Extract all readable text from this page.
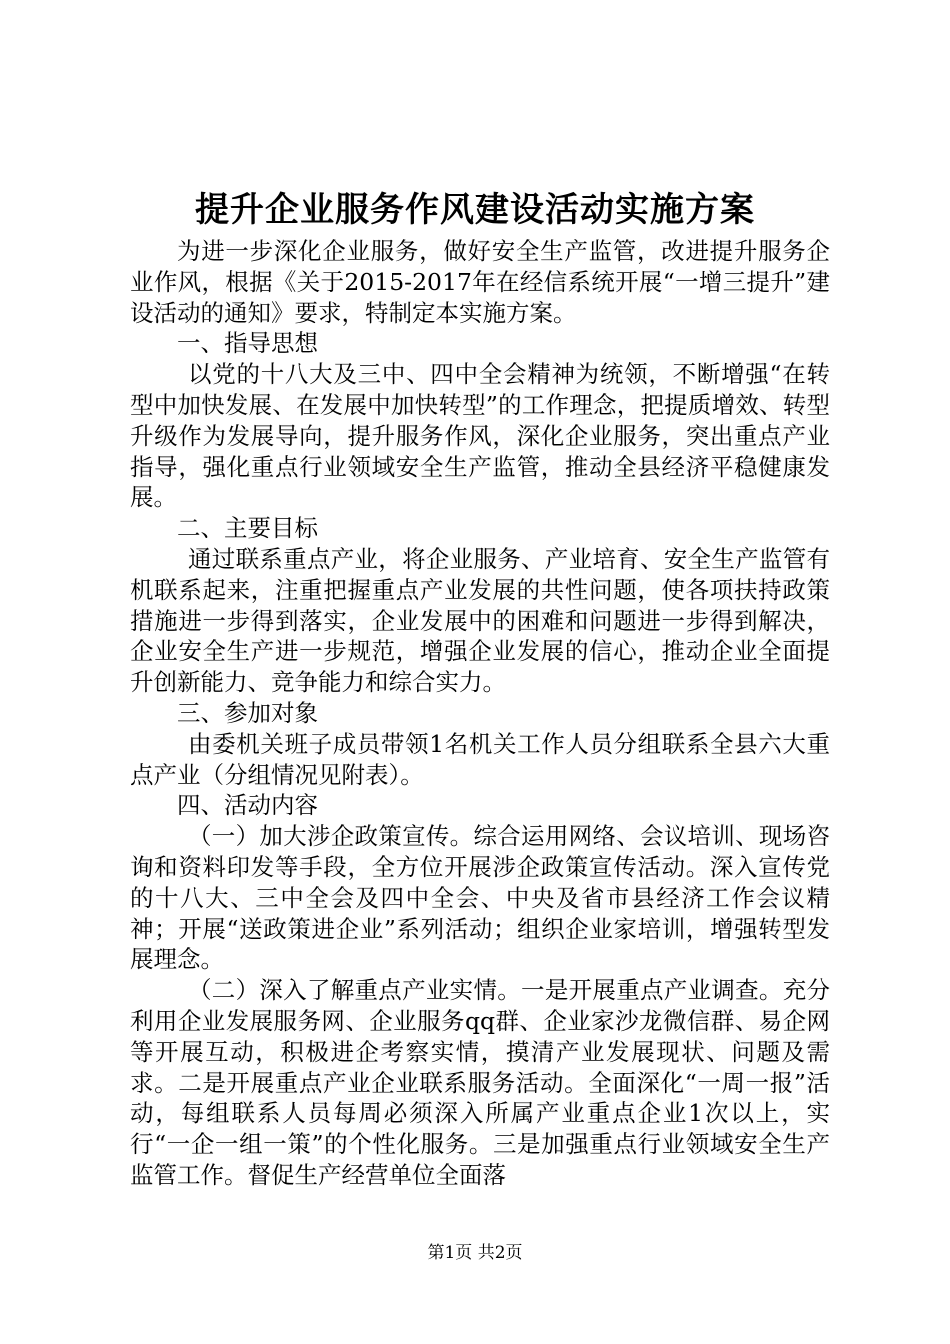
提升企业服务作风建设活动实施方案

为进一步深化企业服务，做好安全生产监管，改进提升服务企业作风，根据《关于2015-2017年在经信系统开展“一增三提升”建设活动的通知》要求，特制定本实施方案。

一、指导思想

以党的十八大及三中、四中全会精神为统领，不断增强“在转型中加快发展、在发展中加快转型”的工作理念，把提质增效、转型升级作为发展导向，提升服务作风，深化企业服务，突出重点产业指导，强化重点行业领域安全生产监管，推动全县经济平稳健康发展。

二、主要目标

通过联系重点产业，将企业服务、产业培育、安全生产监管有机联系起来，注重把握重点产业发展的共性问题，使各项扶持政策措施进一步得到落实，企业发展中的困难和问题进一步得到解决，企业安全生产进一步规范，增强企业发展的信心，推动企业全面提升创新能力、竞争能力和综合实力。

三、参加对象

由委机关班子成员带领1名机关工作人员分组联系全县六大重点产业（分组情况见附表）。

四、活动内容

（一）加大涉企政策宣传。综合运用网络、会议培训、现场咨询和资料印发等手段，全方位开展涉企政策宣传活动。深入宣传党的十八大、三中全会及四中全会、中央及省市县经济工作会议精神；开展“送政策进企业”系列活动；组织企业家培训，增强转型发展理念。

（二）深入了解重点产业实情。一是开展重点产业调查。充分利用企业发展服务网、企业服务qq群、企业家沙龙微信群、易企网等开展互动，积极进企考察实情，摸清产业发展现状、问题及需求。二是开展重点产业企业联系服务活动。全面深化“一周一报”活动，每组联系人员每周必须深入所属产业重点企业1次以上，实行“一企一组一策”的个性化服务。三是加强重点行业领域安全生产监管工作。督促生产经营单位全面落

第1页 共2页
